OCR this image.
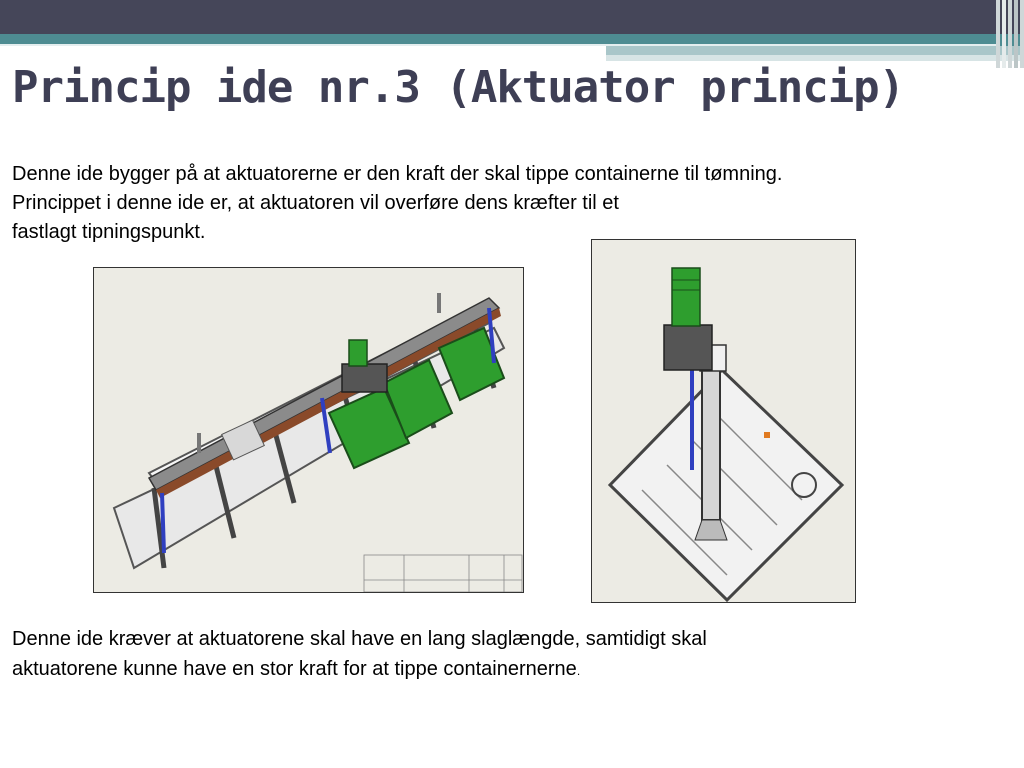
Princip ide nr.3 (Aktuator princip)
Denne ide bygger på at aktuatorerne er den kraft der skal tippe containerne til tømning.
Princippet i denne ide er, at aktuatoren vil overføre dens kræfter til et
fastlagt tipningspunkt.
Denne ide kræver at aktuatorene skal have en lang slaglængde, samtidigt skal
aktuatorene kunne have en stor kraft for at tippe containernerne.
